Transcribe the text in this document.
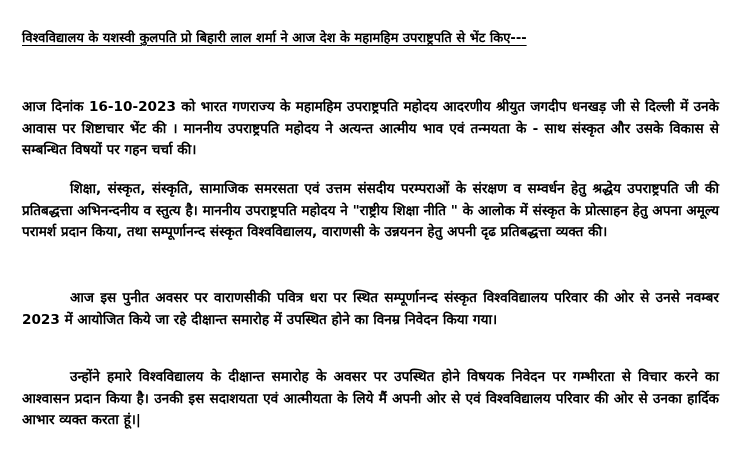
विश्वविद्यालय के यशस्वी कुलपति प्रो बिहारी लाल शर्मा ने आज देश के महामहिम उपराष्ट्रपति से भेंट किए---

आज दिनांक 16-10-2023 को भारत गणराज्य के महामहिम उपराष्ट्रपति महोदय आदरणीय श्रीयुत जगदीप धनखड़ जी से दिल्ली में उनके आवास पर शिष्टाचार भेंट की । माननीय उपराष्ट्रपति महोदय ने अत्यन्त आत्मीय भाव एवं तन्मयता के - साथ संस्कृत और उसके विकास से सम्बन्धित विषयों पर गहन चर्चा की।

शिक्षा, संस्कृत, संस्कृति, सामाजिक समरसता एवं उत्तम संसदीय परम्पराओं के संरक्षण व सम्वर्धन हेतु श्रद्धेय उपराष्ट्रपति जी की प्रतिबद्धत्ता अभिनन्दनीय व स्तुत्य है। माननीय उपराष्ट्रपति महोदय ने "राष्ट्रीय शिक्षा नीति " के आलोक में संस्कृत के प्रोत्साहन हेतु अपना अमूल्य परामर्श प्रदान किया, तथा सम्पूर्णानन्द संस्कृत विश्वविद्यालय, वाराणसी के उन्नयनन हेतु अपनी दृढ प्रतिबद्धत्ता व्यक्त की।

आज इस पुनीत अवसर पर वाराणसीकी पवित्र धरा पर स्थित सम्पूर्णानन्द संस्कृत विश्वविद्यालय परिवार की ओर से उनसे नवम्बर 2023 में आयोजित किये जा रहे दीक्षान्त समारोह में उपस्थित होने का विनम्र निवेदन किया गया।

उन्होंने हमारे विश्वविद्यालय के दीक्षान्त समारोह के अवसर पर उपस्थित होने विषयक निवेदन पर गम्भीरता से विचार करने का आश्वासन प्रदान किया है। उनकी इस सदाशयता एवं आत्मीयता के लिये मैं अपनी ओर से एवं विश्वविद्यालय परिवार की ओर से उनका हार्दिक आभार व्यक्त करता हूं।|
